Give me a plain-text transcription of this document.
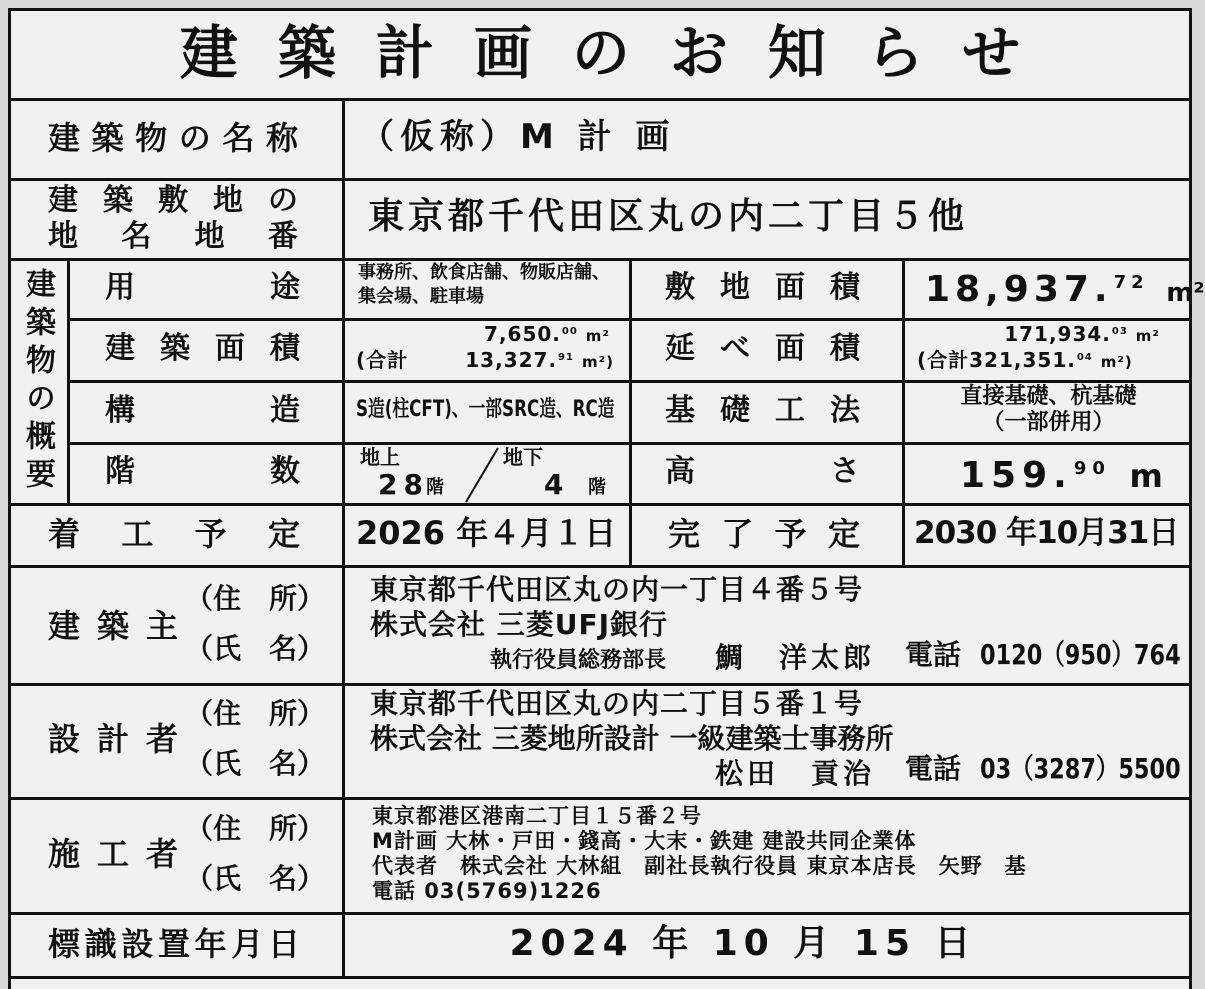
建築計画のお知らせ
建築物の名称 （仮称）M 計 画
建築敷地の
地名地番 東京都千代田区丸の内二丁目５他
建築物の概要 用途
建築面積
構造
階数
事務所、飲食店舗、物販店舗、
集会場、駐車場
7,650.00 m²
(合計	13,327.91 m²)
S造(柱CFT)、一部SRC造、RC造
地上
28
階
地下
4 階
敷地面積
延べ面積
基礎工法
高さ
18,937.72 m²
171,934.03 m²
(合計321,351.04 m²)
直接基礎、杭基礎
（一部併用）
159.90 m
着工予定 2026 年４月１日 完了予定 2030 年10月31日
建築主
（住　所）
（氏　名）
東京都千代田区丸の内一丁目４番５号
株式会社 三菱UFJ銀行
執行役員総務部長 鯛　洋太郎 電話 0120（950）764
設計者
（住　所）
（氏　名）
東京都千代田区丸の内二丁目５番１号
株式会社 三菱地所設計 一級建築士事務所
松田　貢治 電話 03（3287）5500
施工者
（住　所）
（氏　名）
東京都港区港南二丁目１５番２号
M計画 大林・戸田・錢高・大末・鉄建 建設共同企業体
代表者　株式会社 大林組　副社長執行役員 東京本店長　矢野　基
電話 03(5769)1226
標識設置年月日	2024 年 10 月 15 日
